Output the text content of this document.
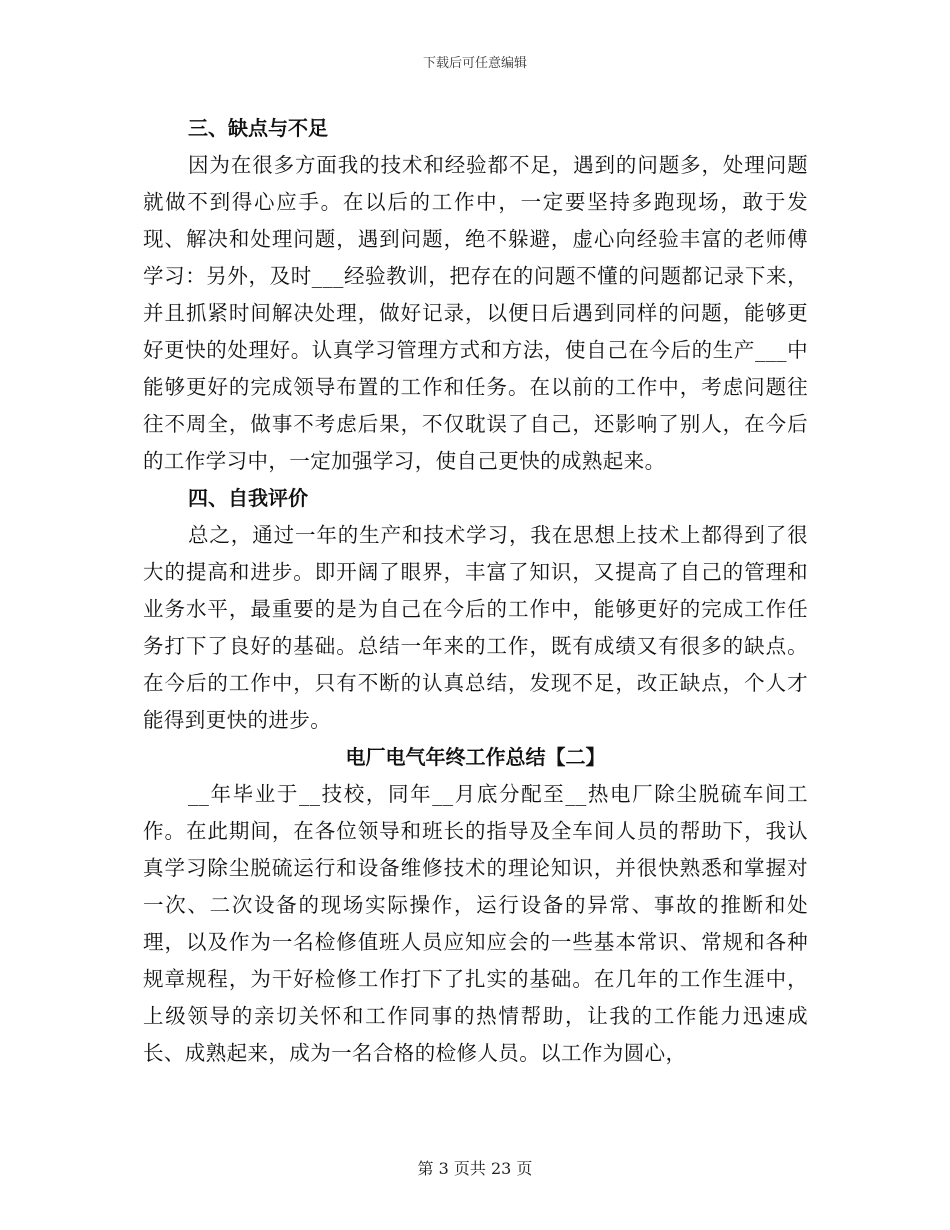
下载后可任意编辑

三、缺点与不足

因为在很多方面我的技术和经验都不足，遇到的问题多，处理问题就做不到得心应手。在以后的工作中，一定要坚持多跑现场，敢于发现、解决和处理问题，遇到问题，绝不躲避，虚心向经验丰富的老师傅学习：另外，及时___经验教训，把存在的问题不懂的问题都记录下来，并且抓紧时间解决处理，做好记录，以便日后遇到同样的问题，能够更好更快的处理好。认真学习管理方式和方法，使自己在今后的生产___中能够更好的完成领导布置的工作和任务。在以前的工作中，考虑问题往往不周全，做事不考虑后果，不仅耽误了自己，还影响了别人，在今后的工作学习中，一定加强学习，使自己更快的成熟起来。

四、自我评价

总之，通过一年的生产和技术学习，我在思想上技术上都得到了很大的提高和进步。即开阔了眼界，丰富了知识，又提高了自己的管理和业务水平，最重要的是为自己在今后的工作中，能够更好的完成工作任务打下了良好的基础。总结一年来的工作，既有成绩又有很多的缺点。在今后的工作中，只有不断的认真总结，发现不足，改正缺点，个人才能得到更快的进步。

电厂电气年终工作总结【二】

__年毕业于__技校，同年__月底分配至__热电厂除尘脱硫车间工作。在此期间，在各位领导和班长的指导及全车间人员的帮助下，我认真学习除尘脱硫运行和设备维修技术的理论知识，并很快熟悉和掌握对一次、二次设备的现场实际操作，运行设备的异常、事故的推断和处理，以及作为一名检修值班人员应知应会的一些基本常识、常规和各种规章规程，为干好检修工作打下了扎实的基础。在几年的工作生涯中，上级领导的亲切关怀和工作同事的热情帮助，让我的工作能力迅速成长、成熟起来，成为一名合格的检修人员。以工作为圆心，

第 3 页共 23 页
